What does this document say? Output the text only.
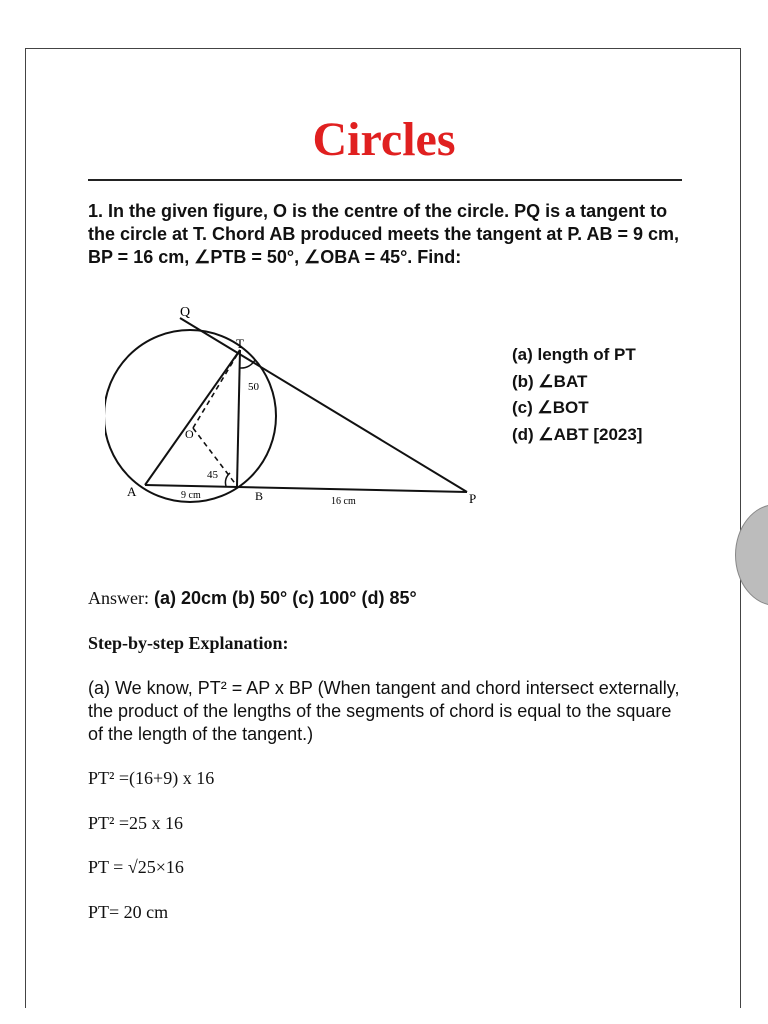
Circles
1. In the given figure, O is the centre of the circle. PQ is a tangent to the circle at T. Chord AB produced meets the tangent at P. AB = 9 cm, BP = 16 cm, ∠PTB = 50°, ∠OBA = 45°. Find:
Q
T
O
A	B	P
50
45
9 cm
16 cm
(a) length of PT
(b) ∠BAT
(c) ∠BOT
(d) ∠ABT [2023]
Answer: (a) 20cm (b) 50° (c) 100° (d) 85°
Step-by-step Explanation:
(a) We know, PT² = AP x BP (When tangent and chord intersect externally, the product of the lengths of the segments of chord is equal to the square of the length of the tangent.)
PT² =(16+9) x 16
PT² =25 x 16
PT = √25×16
PT= 20 cm
